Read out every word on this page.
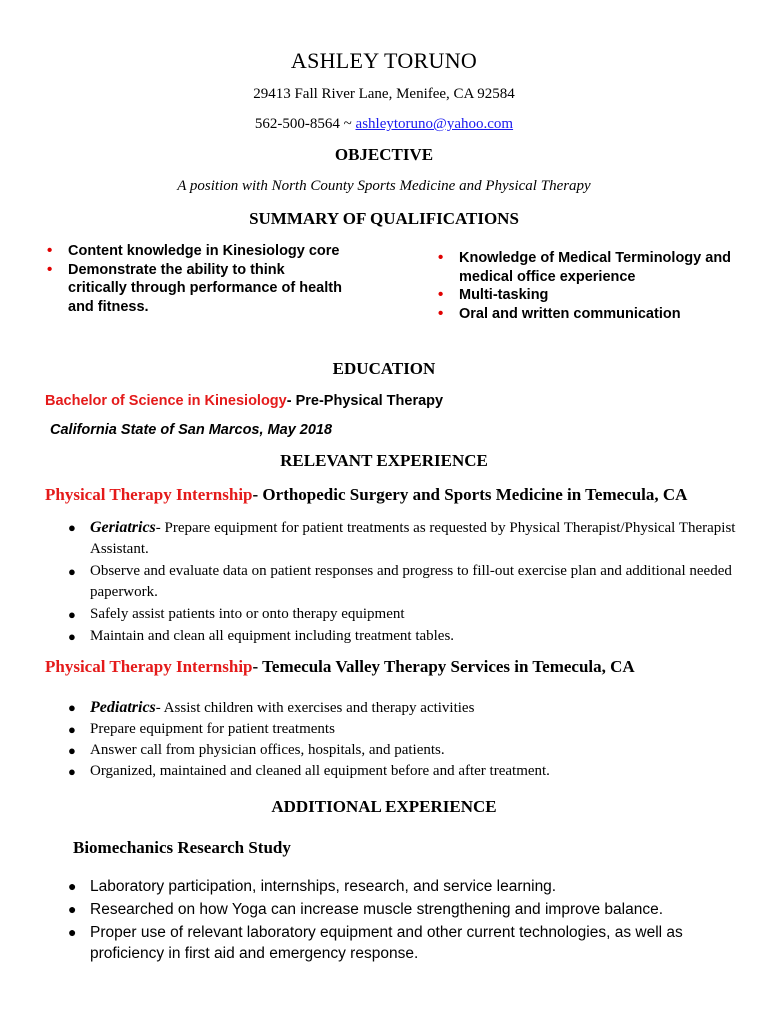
ASHLEY TORUNO
29413 Fall River Lane, Menifee, CA 92584
562-500-8564 ~ ashleytoruno@yahoo.com
OBJECTIVE
A position with North County Sports Medicine and Physical Therapy
SUMMARY OF QUALIFICATIONS
• Content knowledge in Kinesiology core
• Demonstrate the ability to think critically through performance of health and fitness.
• Knowledge of Medical Terminology and medical office experience
• Multi-tasking
• Oral and written communication
EDUCATION
Bachelor of Science in Kinesiology- Pre-Physical Therapy
California State of San Marcos, May 2018
RELEVANT EXPERIENCE
Physical Therapy Internship- Orthopedic Surgery and Sports Medicine in Temecula, CA
● Geriatrics- Prepare equipment for patient treatments as requested by Physical Therapist/Physical Therapist Assistant.
● Observe and evaluate data on patient responses and progress to fill-out exercise plan and additional needed paperwork.
● Safely assist patients into or onto therapy equipment
● Maintain and clean all equipment including treatment tables.
Physical Therapy Internship- Temecula Valley Therapy Services in Temecula, CA
● Pediatrics- Assist children with exercises and therapy activities
● Prepare equipment for patient treatments
● Answer call from physician offices, hospitals, and patients.
● Organized, maintained and cleaned all equipment before and after treatment.
ADDITIONAL EXPERIENCE
Biomechanics Research Study
● Laboratory participation, internships, research, and service learning.
● Researched on how Yoga can increase muscle strengthening and improve balance.
● Proper use of relevant laboratory equipment and other current technologies, as well as proficiency in first aid and emergency response.
